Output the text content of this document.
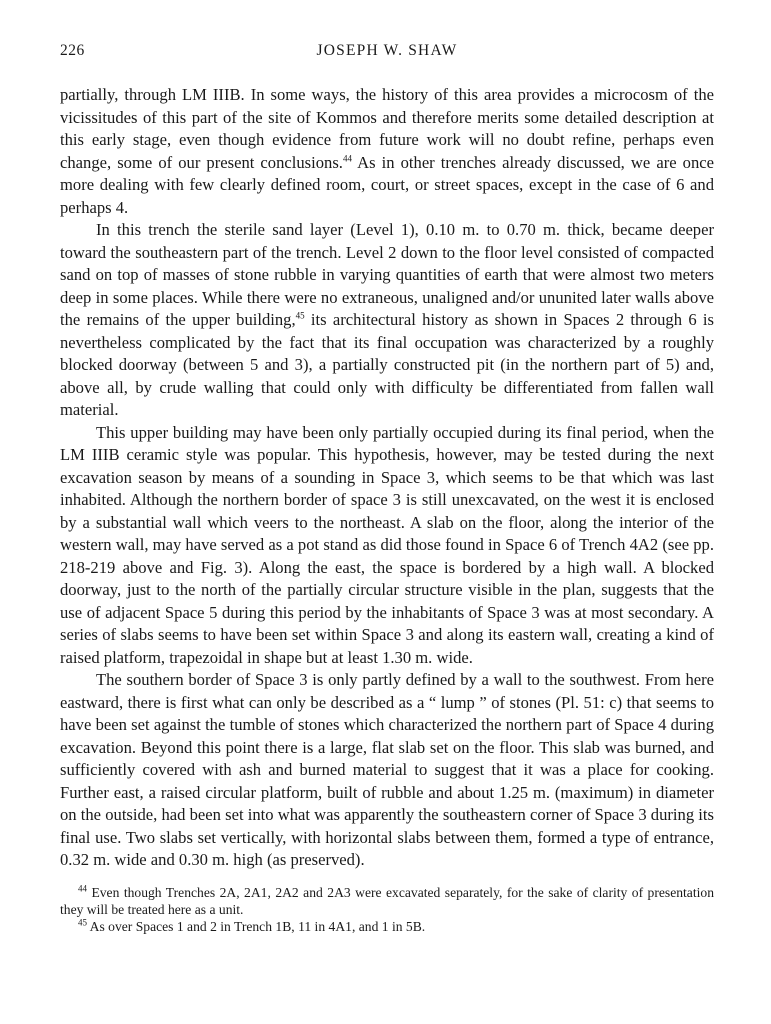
226	JOSEPH W. SHAW

partially, through LM IIIB. In some ways, the history of this area provides a microcosm of the vicissitudes of this part of the site of Kommos and therefore merits some detailed description at this early stage, even though evidence from future work will no doubt refine, perhaps even change, some of our present conclusions.$^{44}$ As in other trenches already discussed, we are once more dealing with few clearly defined room, court, or street spaces, except in the case of 6 and perhaps 4.

In this trench the sterile sand layer (Level 1), 0.10 m. to 0.70 m. thick, became deeper toward the southeastern part of the trench. Level 2 down to the floor level consisted of compacted sand on top of masses of stone rubble in varying quantities of earth that were almost two meters deep in some places. While there were no extraneous, unaligned and/or ununited later walls above the remains of the upper building,$^{45}$ its architectural history as shown in Spaces 2 through 6 is nevertheless complicated by the fact that its final occupation was characterized by a roughly blocked doorway (between 5 and 3), a partially constructed pit (in the northern part of 5) and, above all, by crude walling that could only with difficulty be differentiated from fallen wall material.

This upper building may have been only partially occupied during its final period, when the LM IIIB ceramic style was popular. This hypothesis, however, may be tested during the next excavation season by means of a sounding in Space 3, which seems to be that which was last inhabited. Although the northern border of space 3 is still unexcavated, on the west it is enclosed by a substantial wall which veers to the northeast. A slab on the floor, along the interior of the western wall, may have served as a pot stand as did those found in Space 6 of Trench 4A2 (see pp. 218-219 above and Fig. 3). Along the east, the space is bordered by a high wall. A blocked doorway, just to the north of the partially circular structure visible in the plan, suggests that the use of adjacent Space 5 during this period by the inhabitants of Space 3 was at most secondary. A series of slabs seems to have been set within Space 3 and along its eastern wall, creating a kind of raised platform, trapezoidal in shape but at least 1.30 m. wide.

The southern border of Space 3 is only partly defined by a wall to the southwest. From here eastward, there is first what can only be described as a “ lump ” of stones (Pl. 51: c) that seems to have been set against the tumble of stones which characterized the northern part of Space 4 during excavation. Beyond this point there is a large, flat slab set on the floor. This slab was burned, and sufficiently covered with ash and burned material to suggest that it was a place for cooking. Further east, a raised circular platform, built of rubble and about 1.25 m. (maximum) in diameter on the outside, had been set into what was apparently the southeastern corner of Space 3 during its final use. Two slabs set vertically, with horizontal slabs between them, formed a type of entrance, 0.32 m. wide and 0.30 m. high (as preserved).

$^{44}$ Even though Trenches 2A, 2A1, 2A2 and 2A3 were excavated separately, for the sake of clarity of presentation they will be treated here as a unit.

$^{45}$ As over Spaces 1 and 2 in Trench 1B, 11 in 4A1, and 1 in 5B.
